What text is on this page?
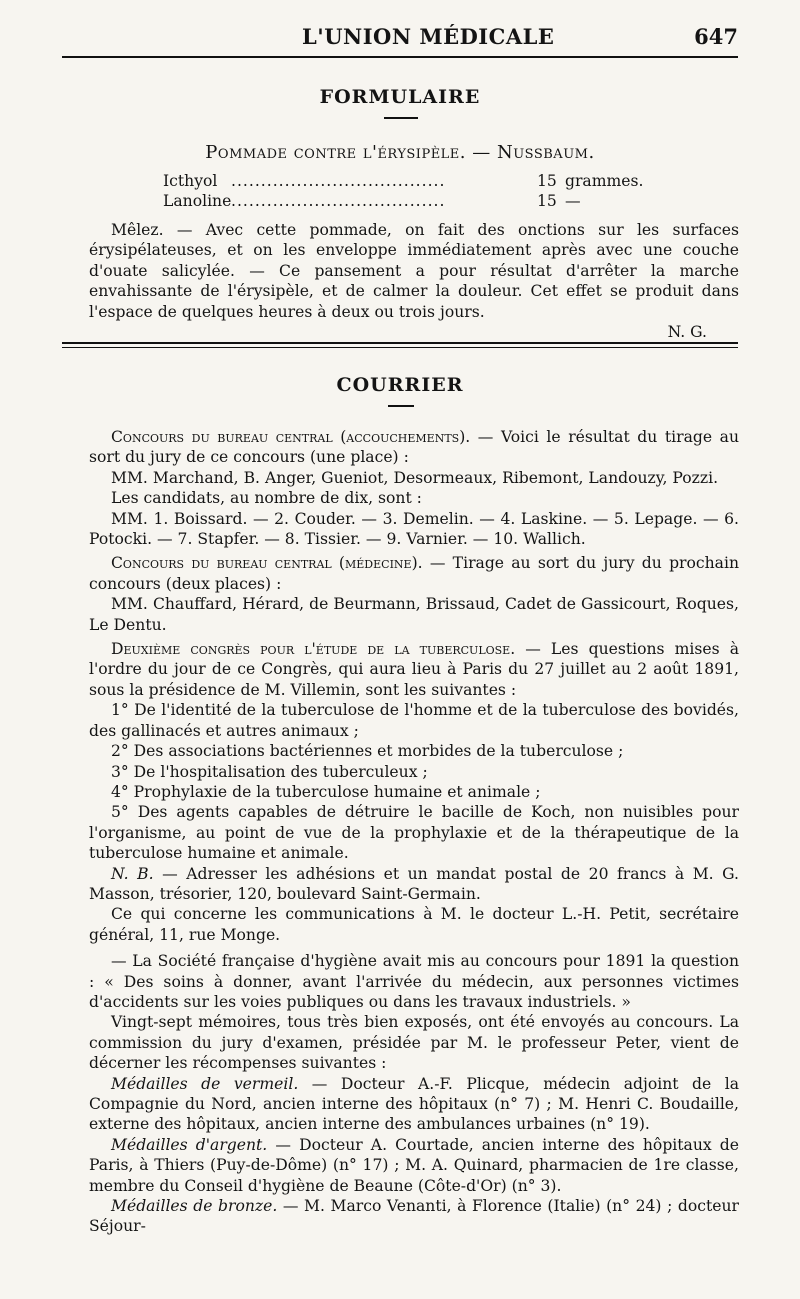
L'UNION MÉDICALE	647
FORMULAIRE
Pommade contre l'érysipèle. — Nussbaum.
Icthyol ....................................	15 grammes.
Lanoline ....................................	15 —

Mêlez. — Avec cette pommade, on fait des onctions sur les surfaces érysipélateuses, et on les enveloppe immédiatement après avec une couche d'ouate salicylée. — Ce pansement a pour résultat d'arrêter la marche envahissante de l'érysipèle, et de calmer la douleur. Cet effet se produit dans l'espace de quelques heures à deux ou trois jours.

N. G.
COURRIER

Concours du bureau central (accouchements). — Voici le résultat du tirage au sort du jury de ce concours (une place) :

MM. Marchand, B. Anger, Gueniot, Desormeaux, Ribemont, Landouzy, Pozzi.

Les candidats, au nombre de dix, sont :

MM. 1. Boissard. — 2. Couder. — 3. Demelin. — 4. Laskine. — 5. Lepage. — 6. Potocki. — 7. Stapfer. — 8. Tissier. — 9. Varnier. — 10. Wallich.

Concours du bureau central (médecine). — Tirage au sort du jury du prochain concours (deux places) :

MM. Chauffard, Hérard, de Beurmann, Brissaud, Cadet de Gassicourt, Roques, Le Dentu.

Deuxième congrès pour l'étude de la tuberculose. — Les questions mises à l'ordre du jour de ce Congrès, qui aura lieu à Paris du 27 juillet au 2 août 1891, sous la présidence de M. Villemin, sont les suivantes :

1° De l'identité de la tuberculose de l'homme et de la tuberculose des bovidés, des gallinacés et autres animaux ;

2° Des associations bactériennes et morbides de la tuberculose ;

3° De l'hospitalisation des tuberculeux ;

4° Prophylaxie de la tuberculose humaine et animale ;

5° Des agents capables de détruire le bacille de Koch, non nuisibles pour l'organisme, au point de vue de la prophylaxie et de la thérapeutique de la tuberculose humaine et animale.

N. B. — Adresser les adhésions et un mandat postal de 20 francs à M. G. Masson, trésorier, 120, boulevard Saint-Germain.

Ce qui concerne les communications à M. le docteur L.-H. Petit, secrétaire général, 11, rue Monge.

— La Société française d'hygiène avait mis au concours pour 1891 la question : « Des soins à donner, avant l'arrivée du médecin, aux personnes victimes d'accidents sur les voies publiques ou dans les travaux industriels. »

Vingt-sept mémoires, tous très bien exposés, ont été envoyés au concours. La commission du jury d'examen, présidée par M. le professeur Peter, vient de décerner les récompenses suivantes :

Médailles de vermeil. — Docteur A.-F. Plicque, médecin adjoint de la Compagnie du Nord, ancien interne des hôpitaux (n° 7) ; M. Henri C. Boudaille, externe des hôpitaux, ancien interne des ambulances urbaines (n° 19).

Médailles d'argent. — Docteur A. Courtade, ancien interne des hôpitaux de Paris, à Thiers (Puy-de-Dôme) (n° 17) ; M. A. Quinard, pharmacien de 1re classe, membre du Conseil d'hygiène de Beaune (Côte-d'Or) (n° 3).

Médailles de bronze. — M. Marco Venanti, à Florence (Italie) (n° 24) ; docteur Séjour-
